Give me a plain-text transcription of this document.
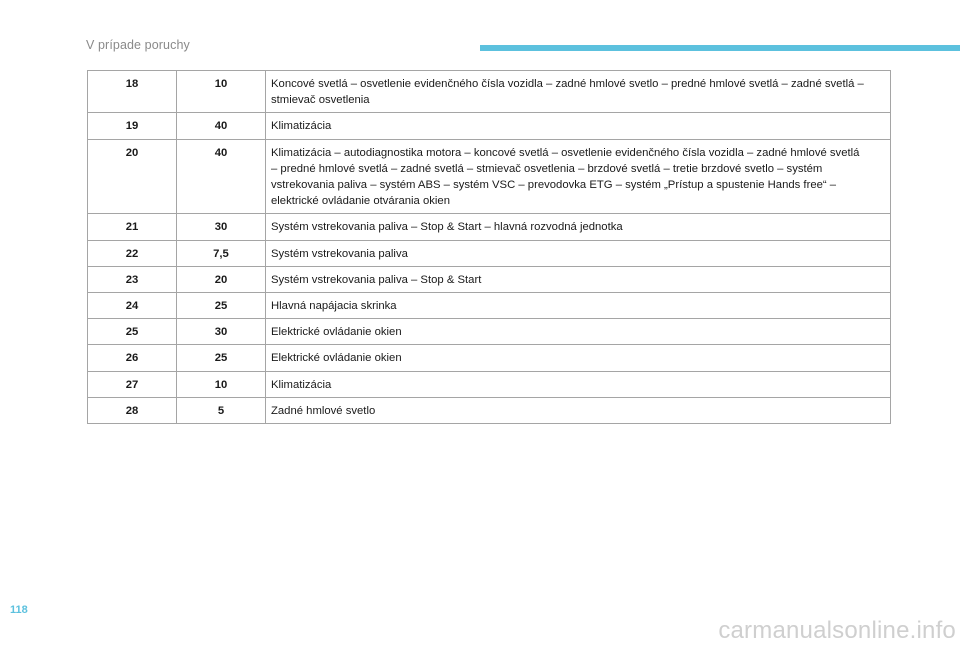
V prípade poruchy
18	10	Koncové svetlá – osvetlenie evidenčného čísla vozidla – zadné hmlové svetlo – predné hmlové svetlá – zadné svetlá – stmievač osvetlenia
19	40	Klimatizácia
20	40	Klimatizácia – autodiagnostika motora – koncové svetlá – osvetlenie evidenčného čísla vozidla – zadné hmlové svetlá – predné hmlové svetlá – zadné svetlá – stmievač osvetlenia – brzdové svetlá – tretie brzdové svetlo – systém vstrekovania paliva – systém ABS – systém VSC – prevodovka ETG – systém „Prístup a spustenie Hands free“ – elektrické ovládanie otvárania okien
21	30	Systém vstrekovania paliva – Stop & Start – hlavná rozvodná jednotka
22	7,5	Systém vstrekovania paliva
23	20	Systém vstrekovania paliva – Stop & Start
24	25	Hlavná napájacia skrinka
25	30	Elektrické ovládanie okien
26	25	Elektrické ovládanie okien
27	10	Klimatizácia
28	5	Zadné hmlové svetlo
118
carmanualsonline.info
